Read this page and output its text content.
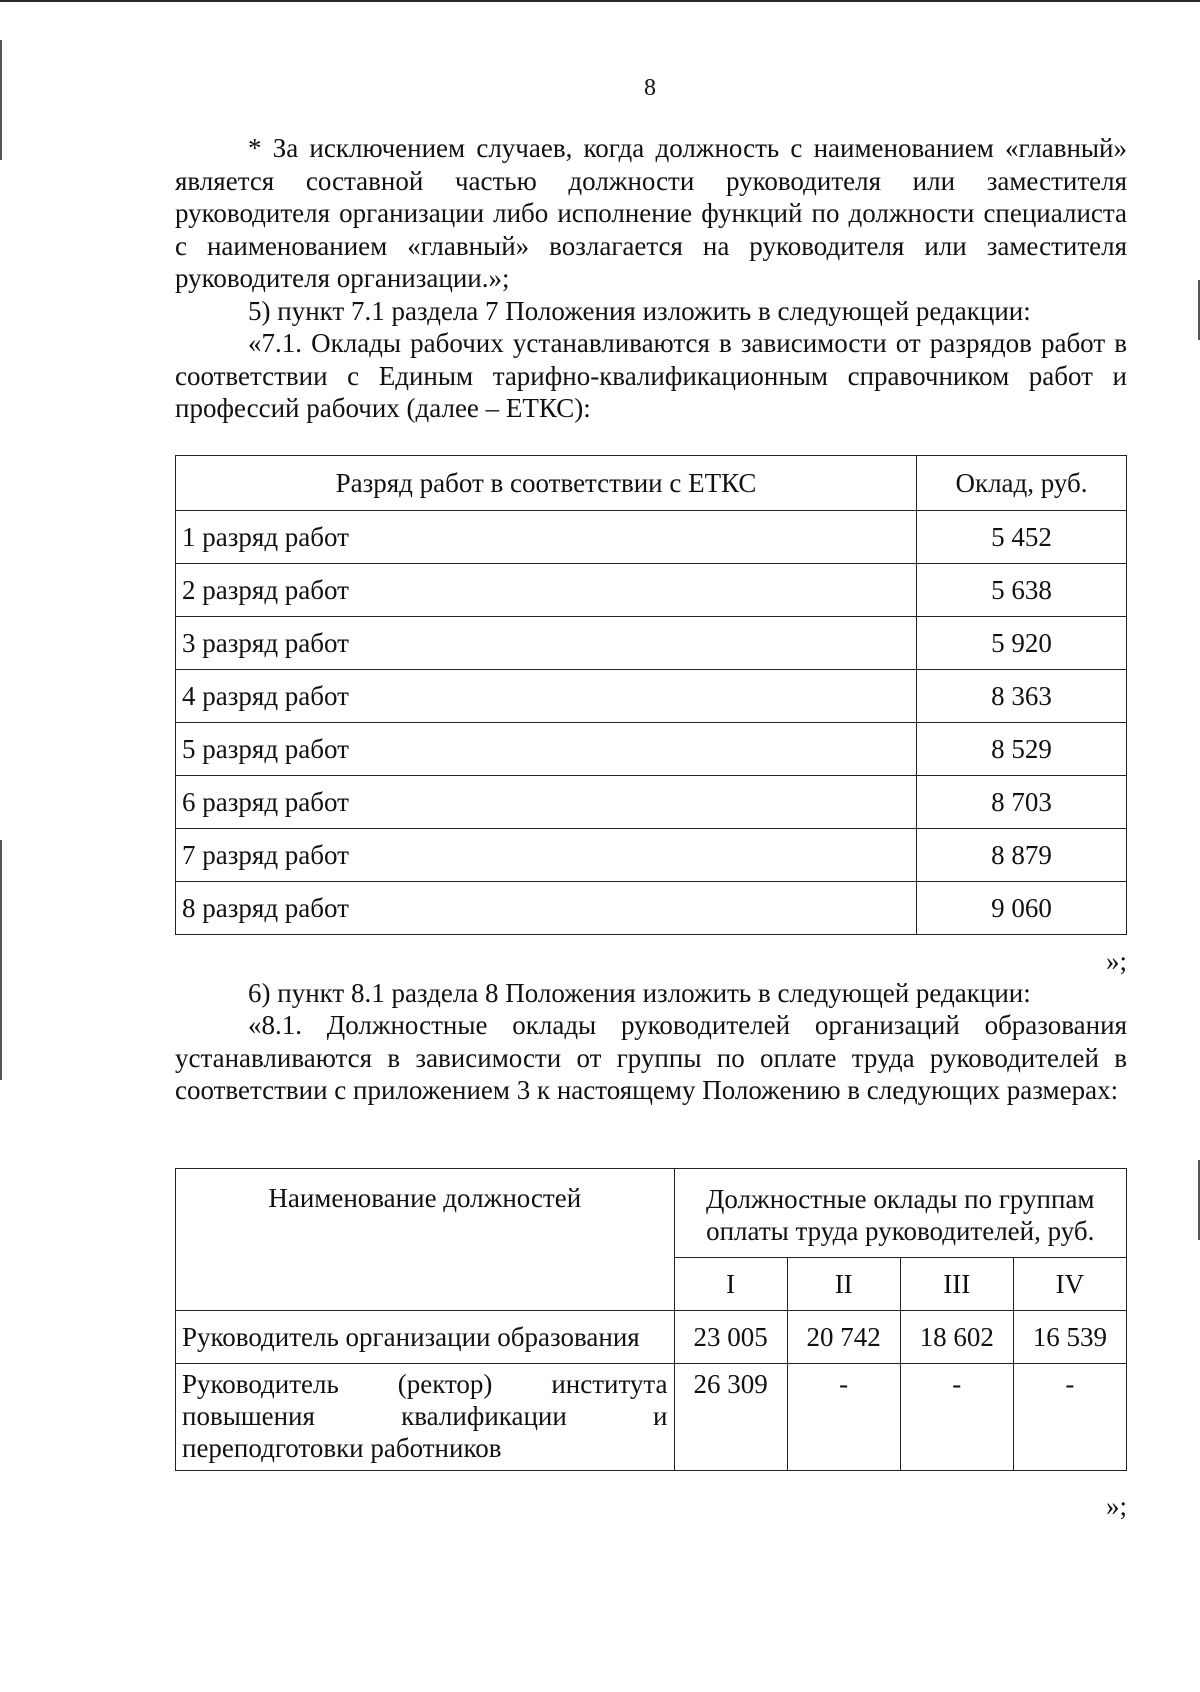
8

* За исключением случаев, когда должность с наименованием «главный» является составной частью должности руководителя или заместителя руководителя организации либо исполнение функций по должности специалиста с наименованием «главный» возлагается на руководителя или заместителя руководителя организации.»;

5) пункт 7.1 раздела 7 Положения изложить в следующей редакции:

«7.1. Оклады рабочих устанавливаются в зависимости от разрядов работ в соответствии с Единым тарифно-квалификационным справочником работ и профессий рабочих (далее – ЕТКС):

Разряд работ в соответствии с ЕТКС	Оклад, руб.
1 разряд работ	5 452
2 разряд работ	5 638
3 разряд работ	5 920
4 разряд работ	8 363
5 разряд работ	8 529
6 разряд работ	8 703
7 разряд работ	8 879
8 разряд работ	9 060
»;

6) пункт 8.1 раздела 8 Положения изложить в следующей редакции:

«8.1. Должностные оклады руководителей организаций образования устанавливаются в зависимости от группы по оплате труда руководителей в соответствии с приложением 3 к настоящему Положению в следующих размерах:

Наименование должностей	Должностные оклады по группам оплаты труда руководителей, руб.			
	I	II	III	IV
Руководитель организации образования	23 005	20 742	18 602	16 539
Руководитель (ректор) института повышения квалификации и переподготовки работников	26 309	-	-	-
»;
